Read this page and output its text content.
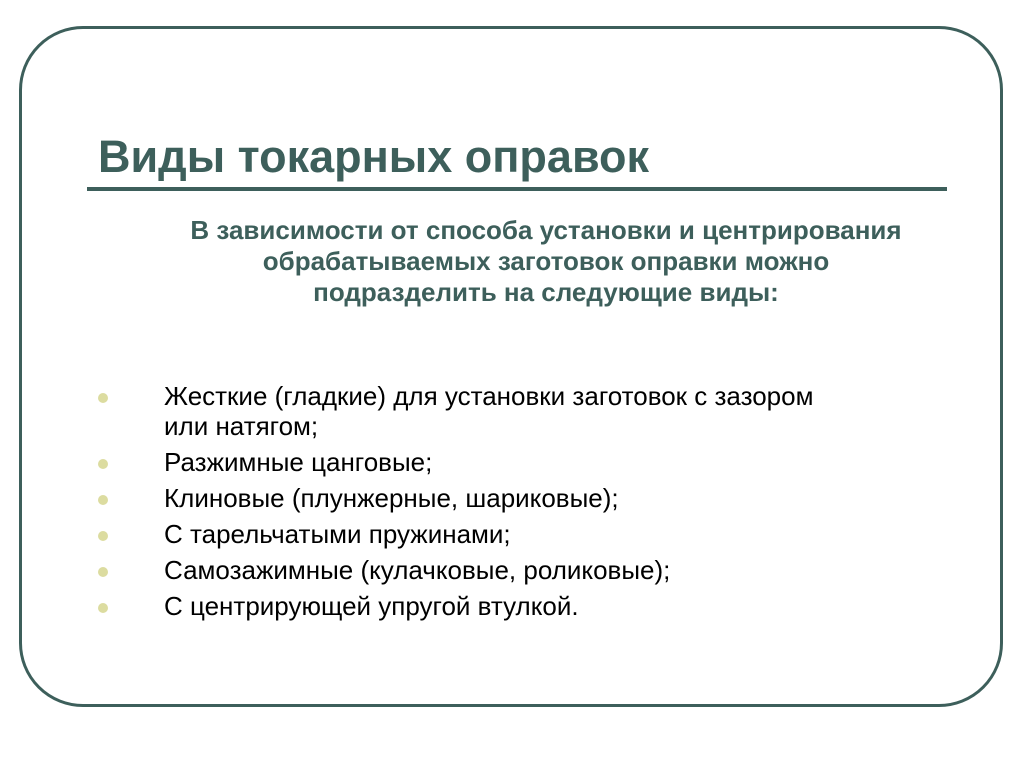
Виды токарных оправок

В зависимости от способа установки и центрирования обрабатываемых заготовок оправки можно подразделить на следующие виды:

Жесткие (гладкие) для установки заготовок с зазором или натягом;
Разжимные цанговые;
Клиновые (плунжерные, шариковые);
С тарельчатыми пружинами;
Самозажимные (кулачковые, роликовые);
С центрирующей упругой втулкой.
